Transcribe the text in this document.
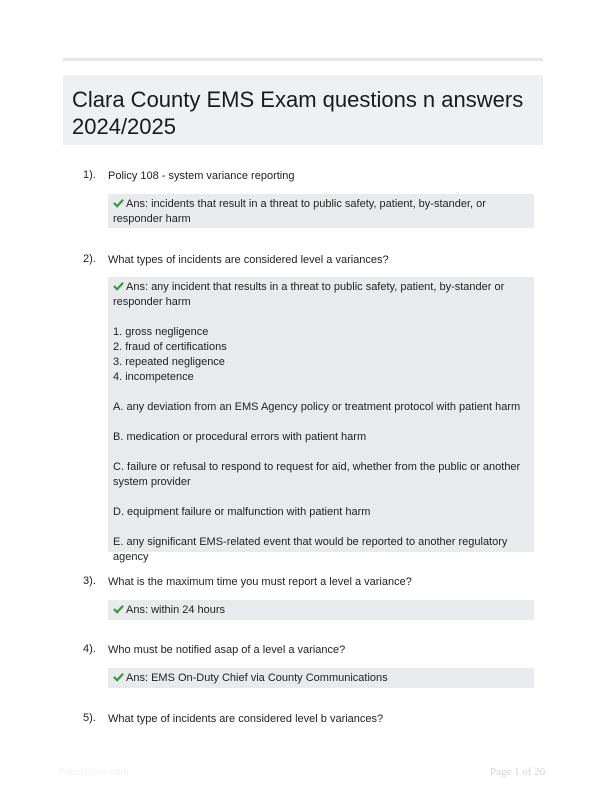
Clara County EMS Exam questions n answers 2024/2025
1). Policy 108 - system variance reporting
Ans: incidents that result in a threat to public safety, patient, by-stander, or responder harm
2). What types of incidents are considered level a variances?
Ans: any incident that results in a threat to public safety, patient, by-stander or responder harm
1. gross negligence
2. fraud of certifications
3. repeated negligence
4. incompetence
A. any deviation from an EMS Agency policy or treatment protocol with patient harm
B. medication or procedural errors with patient harm
C. failure or refusal to respond to request for aid, whether from the public or another system provider
D. equipment failure or malfunction with patient harm
E. any significant EMS-related event that would be reported to another regulatory agency
3). What is the maximum time you must report a level a variance?
Ans: within 24 hours
4). Who must be notified asap of a level a variance?
Ans: EMS On-Duty Chief via County Communications
5). What type of incidents are considered level b variances?
PaperBible.com	Page 1 of 20
